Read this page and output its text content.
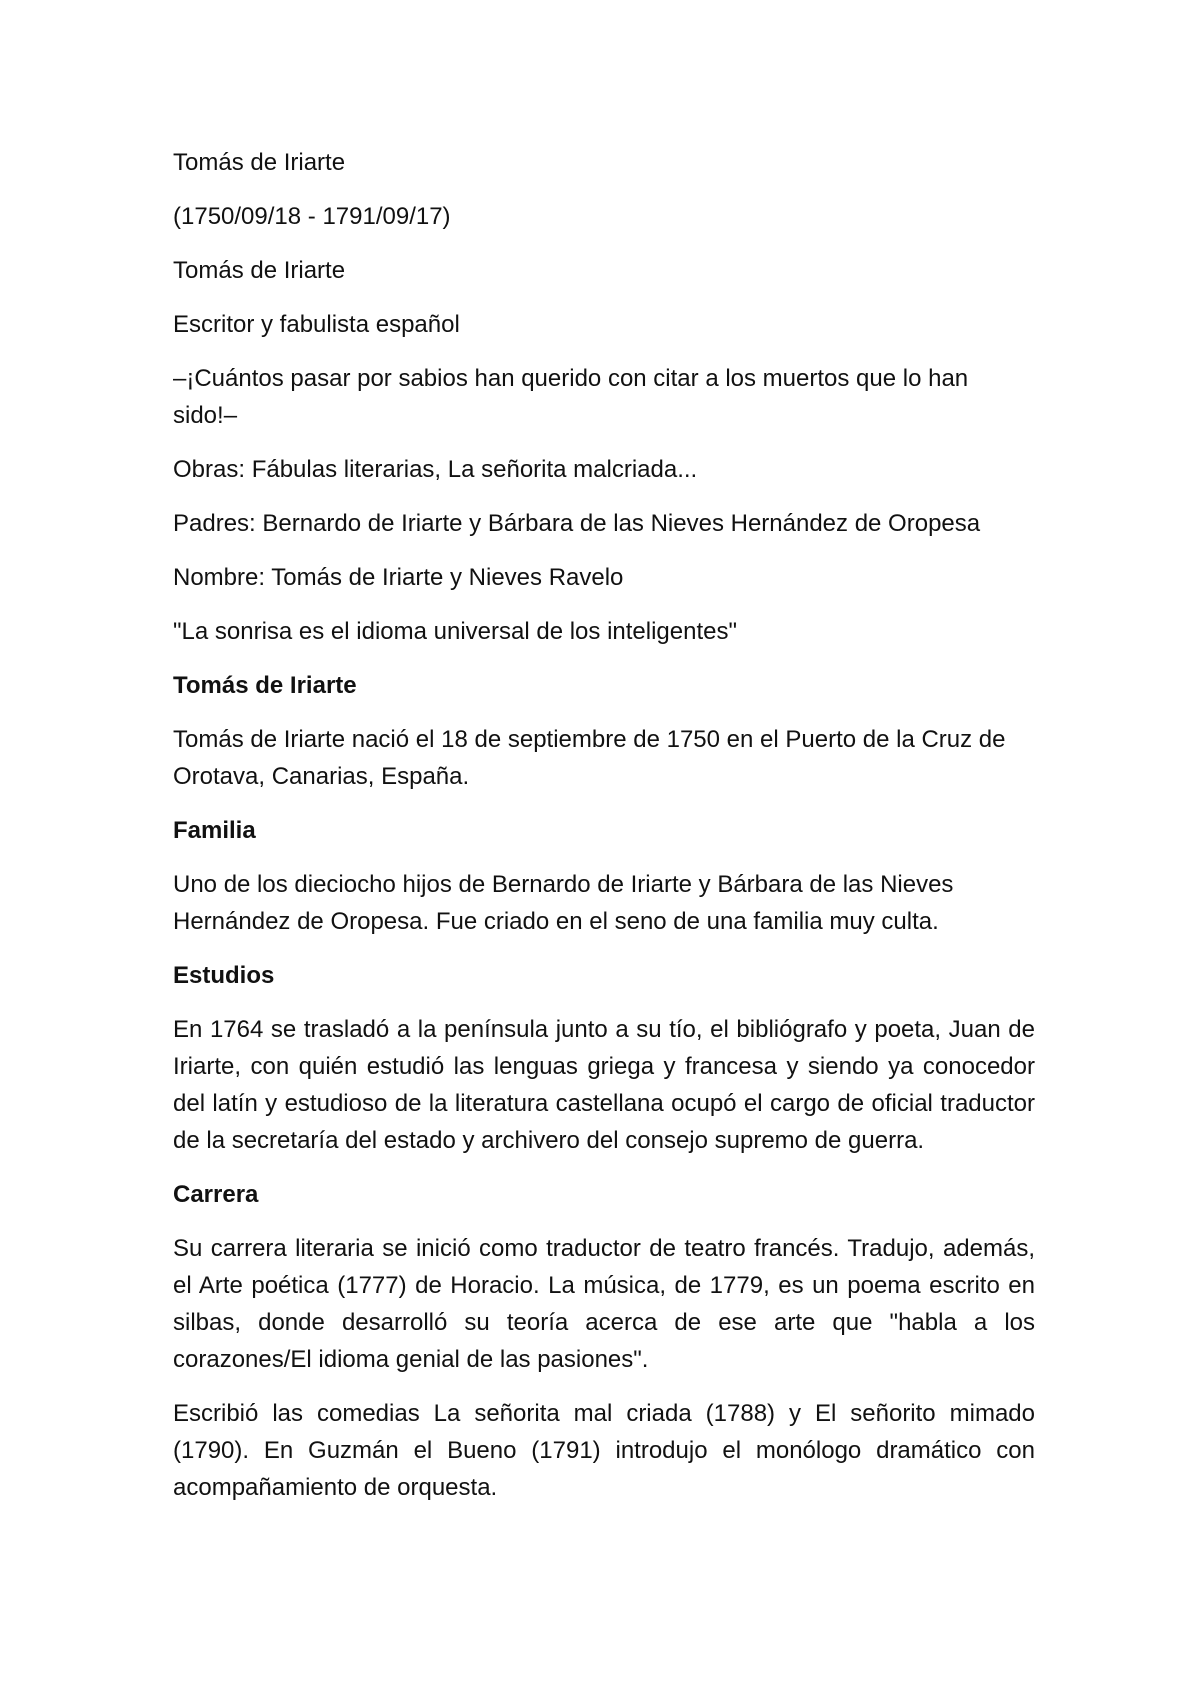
Tomás de Iriarte

(1750/09/18 - 1791/09/17)

Tomás de Iriarte

Escritor y fabulista español

–¡Cuántos pasar por sabios han querido con citar a los muertos que lo han sido!–

Obras: Fábulas literarias, La señorita malcriada...

Padres: Bernardo de Iriarte y Bárbara de las Nieves Hernández de Oropesa

Nombre: Tomás de Iriarte y Nieves Ravelo

"La sonrisa es el idioma universal de los inteligentes"

Tomás de Iriarte

Tomás de Iriarte nació el 18 de septiembre de 1750 en el Puerto de la Cruz de Orotava, Canarias, España.

Familia

Uno de los dieciocho hijos de Bernardo de Iriarte y Bárbara de las Nieves Hernández de Oropesa. Fue criado en el seno de una familia muy culta.

Estudios

En 1764 se trasladó a la península junto a su tío, el bibliógrafo y poeta, Juan de Iriarte, con quién estudió las lenguas griega y francesa y siendo ya conocedor del latín y estudioso de la literatura castellana ocupó el cargo de oficial traductor de la secretaría del estado y archivero del consejo supremo de guerra.

Carrera

Su carrera literaria se inició como traductor de teatro francés. Tradujo, además, el Arte poética (1777) de Horacio. La música, de 1779, es un poema escrito en silbas, donde desarrolló su teoría acerca de ese arte que "habla a los corazones/El idioma genial de las pasiones".

Escribió las comedias La señorita mal criada (1788) y El señorito mimado (1790). En Guzmán el Bueno (1791) introdujo el monólogo dramático con acompañamiento de orquesta.
